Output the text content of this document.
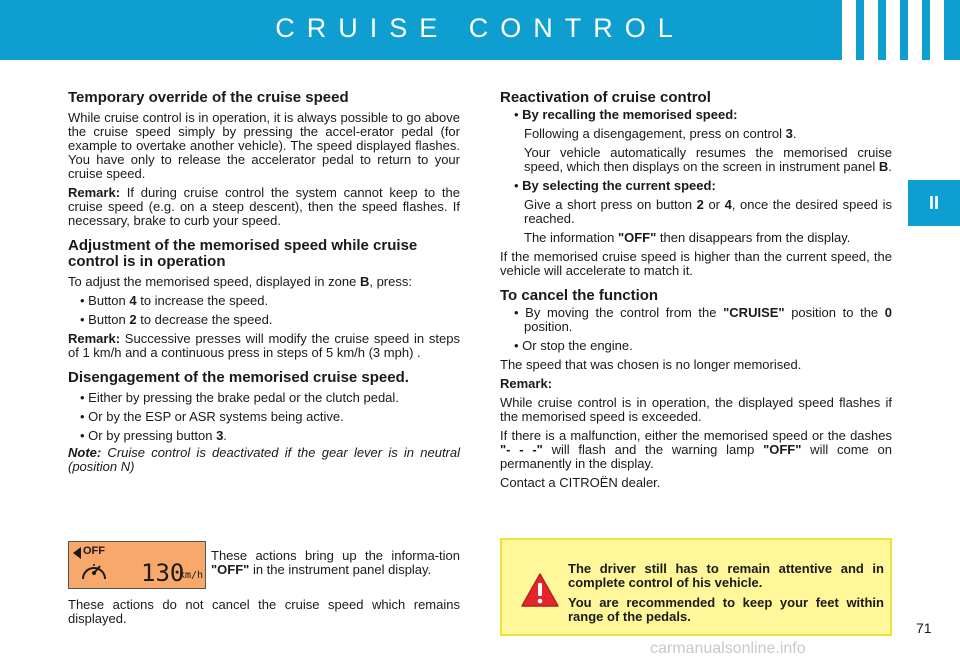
CRUISE CONTROL
II
Temporary override of the cruise speed

While cruise control is in operation, it is always possible to go above the cruise speed simply by pressing the accel-erator pedal (for example to overtake another vehicle). The speed displayed flashes. You have only to release the accelerator pedal to return to your cruise speed.

Remark: If during cruise control the system cannot keep to the cruise speed (e.g. on a steep descent), then the speed flashes. If necessary, brake to curb your speed.

Adjustment of the memorised speed while cruise control is in operation

To adjust the memorised speed, displayed in zone B, press:

• Button 4 to increase the speed.
• Button 2 to decrease the speed.

Remark: Successive presses will modify the cruise speed in steps of 1 km/h and a continuous press in steps of 5 km/h (3 mph) .

Disengagement of the memorised cruise speed.
• Either by pressing the brake pedal or the clutch pedal.
• Or by the ESP or ASR systems being active.
• Or by pressing button 3.

Note: Cruise control is deactivated if the gear lever is in neutral (position N)

OFF
130
km/h
These actions bring up the informa-tion "OFF" in the instrument panel display.
These actions do not cancel the cruise speed which remains displayed.
Reactivation of cruise control
• By recalling the memorised speed:
Following a disengagement, press on control 3.
Your vehicle automatically resumes the memorised cruise speed, which then displays on the screen in instrument panel B.
• By selecting the current speed:
Give a short press on button 2 or 4, once the desired speed is reached.
The information "OFF" then disappears from the display.

If the memorised cruise speed is higher than the current speed, the vehicle will accelerate to match it.

To cancel the function
• By moving the control from the "CRUISE" position to the 0 position.
• Or stop the engine.

The speed that was chosen is no longer memorised.

Remark:

While cruise control is in operation, the displayed speed flashes if the memorised speed is exceeded.

If there is a malfunction, either the memorised speed or the dashes "- - -" will flash and the warning lamp "OFF" will come on permanently in the display.

Contact a CITROËN dealer.

The driver still has to remain attentive and in complete control of his vehicle.

You are recommended to keep your feet within range of the pedals.

71
carmanualsonline.info
